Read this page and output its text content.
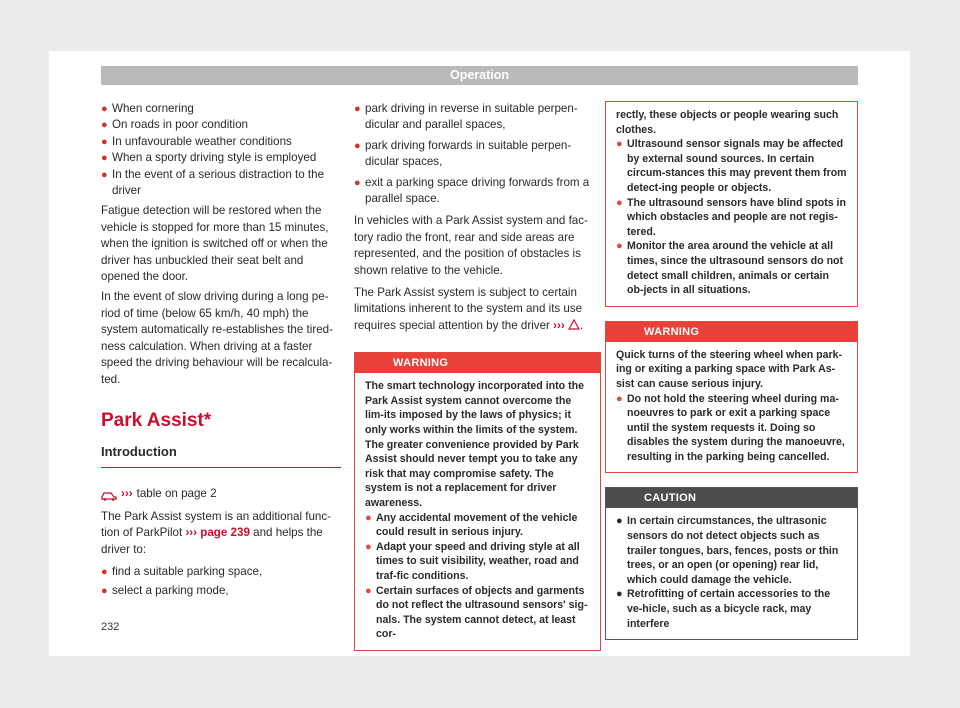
Operation
● When cornering
● On roads in poor condition
● In unfavourable weather conditions
● When a sporty driving style is employed
● In the event of a serious distraction to the driver

Fatigue detection will be restored when the vehicle is stopped for more than 15 minutes, when the ignition is switched off or when the driver has unbuckled their seat belt and opened the door.

In the event of slow driving during a long pe-riod of time (below 65 km/h, 40 mph) the system automatically re-establishes the tired-ness calculation. When driving at a faster speed the driving behaviour will be recalcula-ted.

Park Assist*
Introduction
››› table on page 2

The Park Assist system is an additional func-tion of ParkPilot ››› page 239 and helps the driver to:

● find a suitable parking space,
● select a parking mode,
● park driving in reverse in suitable perpen-dicular and parallel spaces,
● park driving forwards in suitable perpen-dicular spaces,
● exit a parking space driving forwards from a parallel space.

In vehicles with a Park Assist system and fac-tory radio the front, rear and side areas are represented, and the position of obstacles is shown relative to the vehicle.

The Park Assist system is subject to certain limitations inherent to the system and its use requires special attention by the driver ››› .

WARNING

The smart technology incorporated into the Park Assist system cannot overcome the lim-its imposed by the laws of physics; it only works within the limits of the system. The greater convenience provided by Park Assist should never tempt you to take any risk that may compromise safety. The system is not a replacement for driver awareness.

● Any accidental movement of the vehicle could result in serious injury.
● Adapt your speed and driving style at all times to suit visibility, weather, road and traf-fic conditions.
● Certain surfaces of objects and garments do not reflect the ultrasound sensors' sig-nals. The system cannot detect, at least cor-

rectly, these objects or people wearing such clothes.

● Ultrasound sensor signals may be affected by external sound sources. In certain circum-stances this may prevent them from detect-ing people or objects.
● The ultrasound sensors have blind spots in which obstacles and people are not regis-tered.
● Monitor the area around the vehicle at all times, since the ultrasound sensors do not detect small children, animals or certain ob-jects in all situations.
WARNING

Quick turns of the steering wheel when park-ing or exiting a parking space with Park As-sist can cause serious injury.

● Do not hold the steering wheel during ma-noeuvres to park or exit a parking space until the system requests it. Doing so disables the system during the manoeuvre, resulting in the parking being cancelled.
CAUTION
● In certain circumstances, the ultrasonic sensors do not detect objects such as trailer tongues, bars, fences, posts or thin trees, or an open (or opening) rear lid, which could damage the vehicle.
● Retrofitting of certain accessories to the ve-hicle, such as a bicycle rack, may interfere
232
